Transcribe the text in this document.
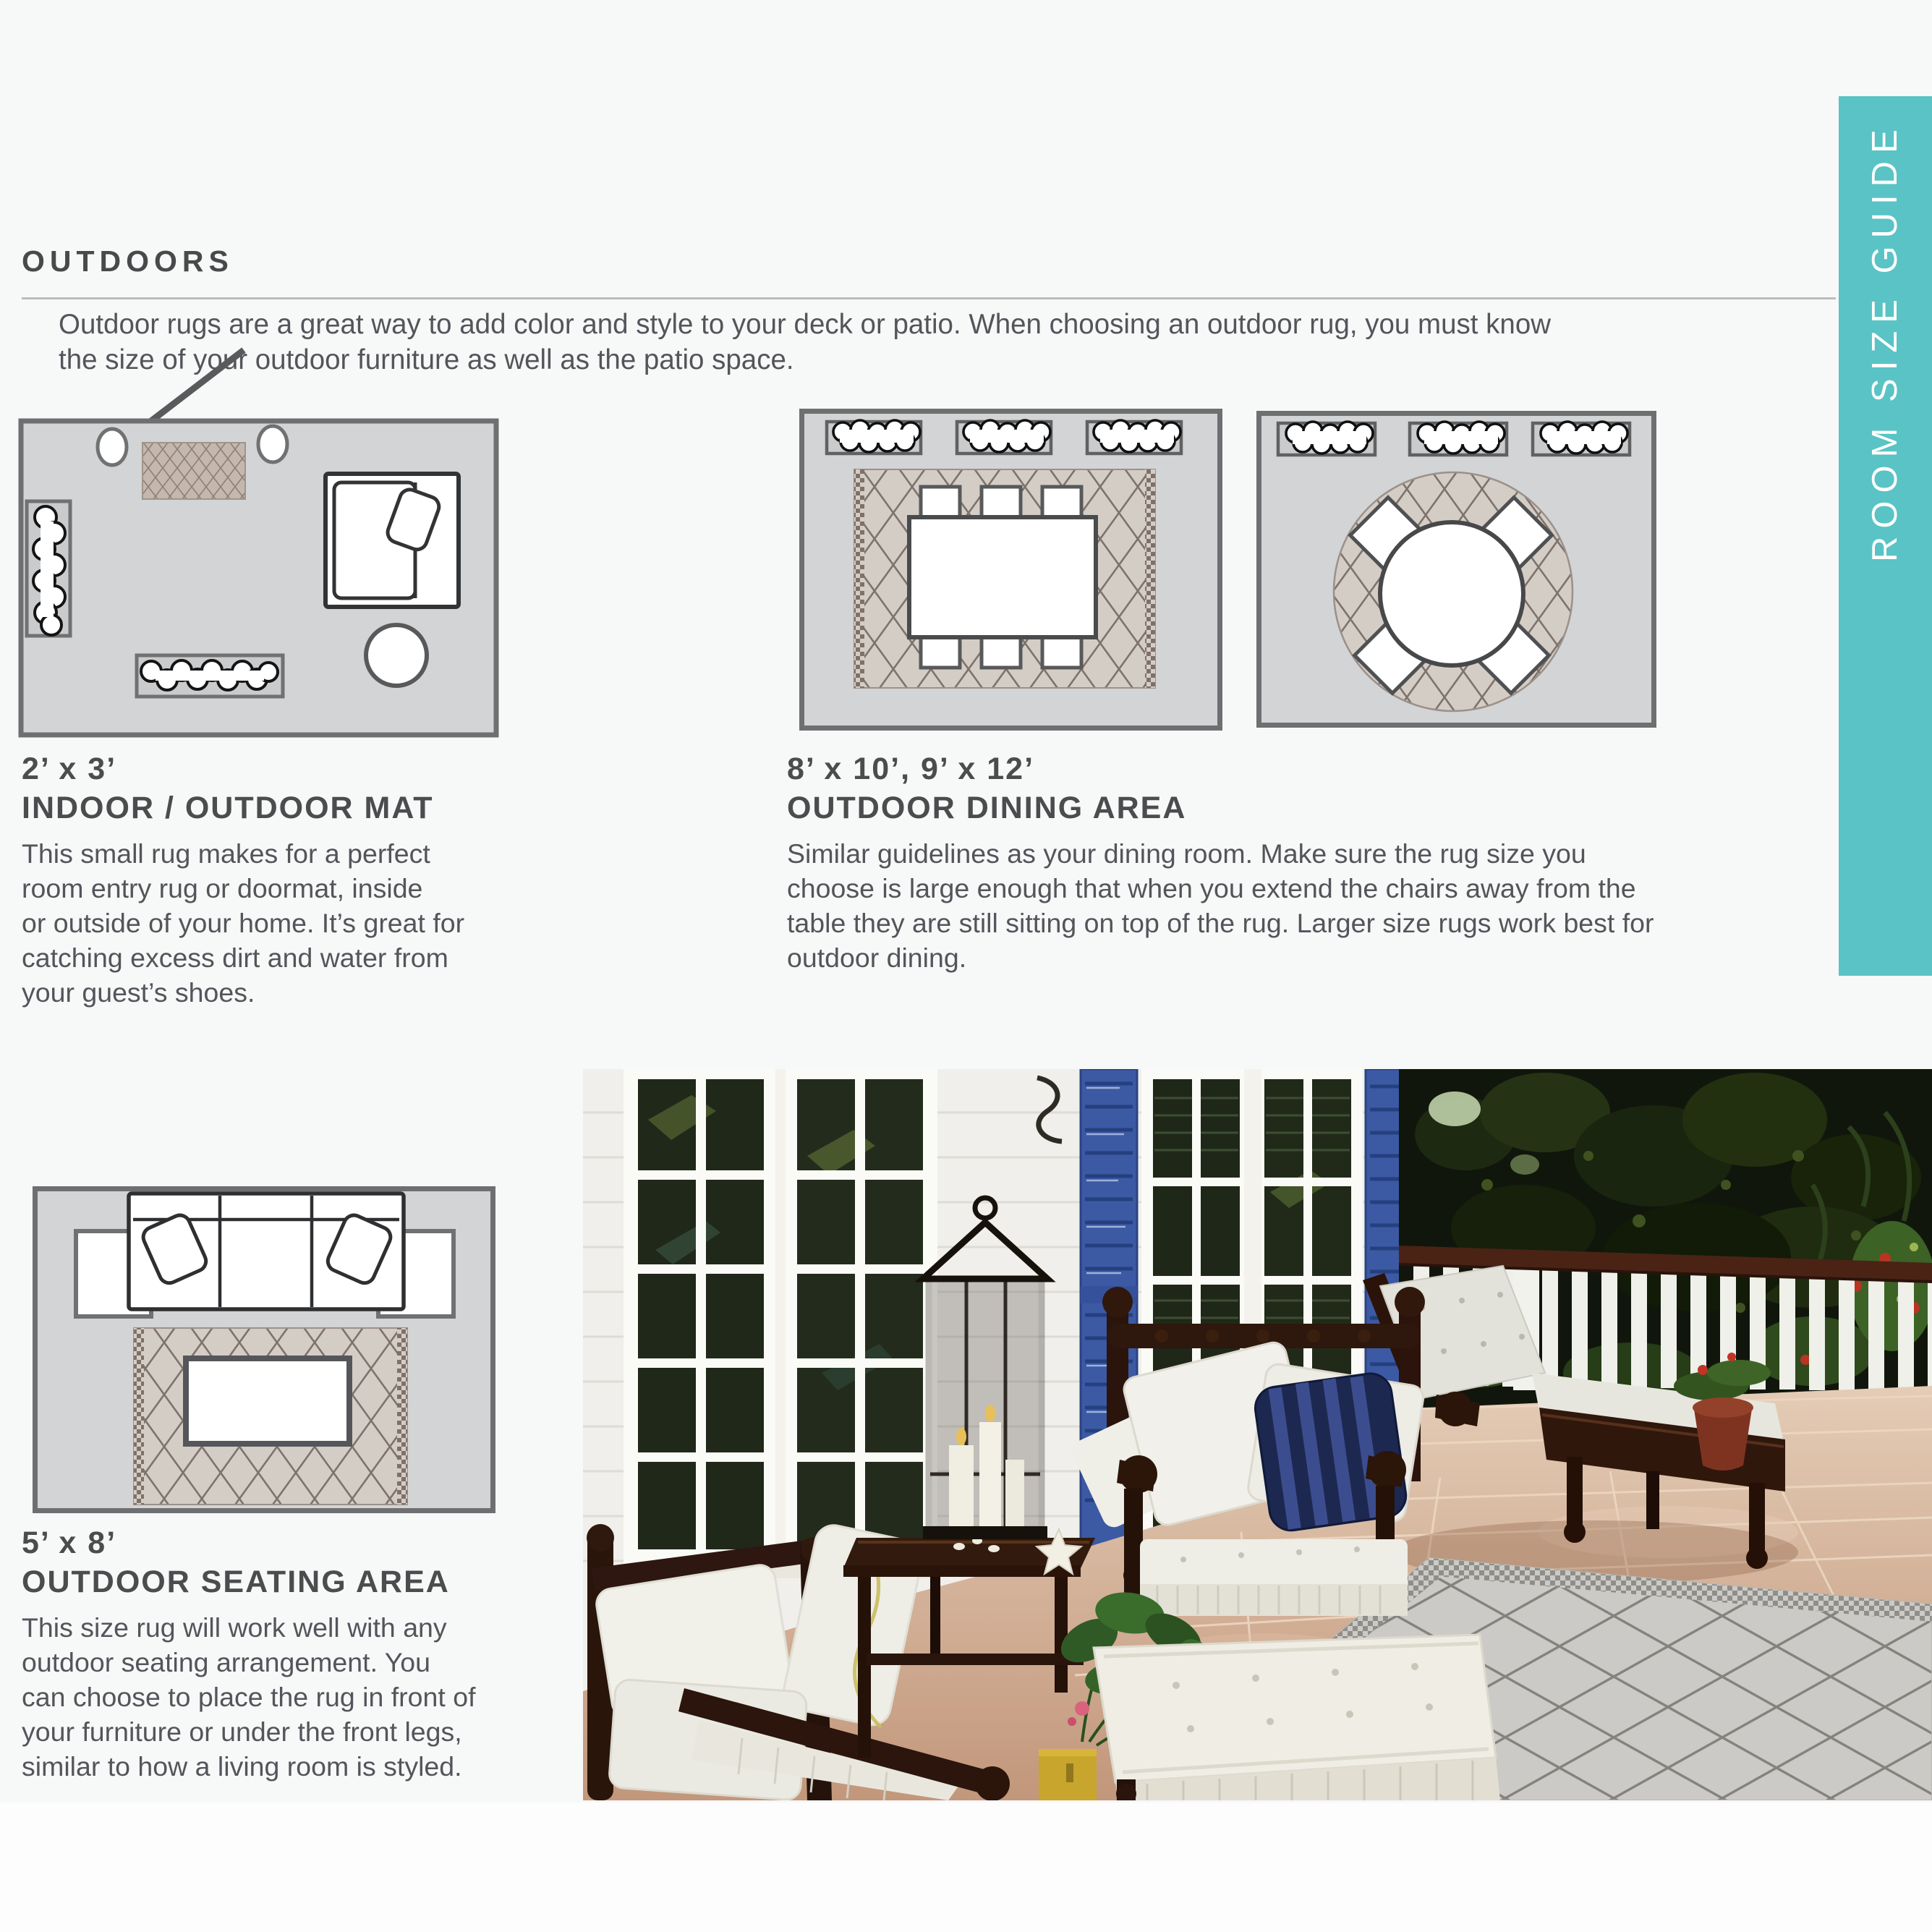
ROOM SIZE GUIDE
OUTDOORS
Outdoor rugs are a great way to add color and style to your deck or patio. When choosing an outdoor rug, you must know
the size of your outdoor furniture as well as the patio space.
2’ x 3’
INDOOR / OUTDOOR MAT
This small rug makes for a perfect
room entry rug or doormat, inside
or outside of your home. It’s great for
catching excess dirt and water from
your guest’s shoes.
8’ x 10’, 9’ x 12’
OUTDOOR DINING AREA
Similar guidelines as your dining room. Make sure the rug size you
choose is large enough that when you extend the chairs away from the
table they are still sitting on top of the rug. Larger size rugs work best for
outdoor dining.
5’ x 8’
OUTDOOR SEATING AREA
This size rug will work well with any
outdoor seating arrangement. You
can choose to place the rug in front of
your furniture or under the front legs,
similar to how a living room is styled.
